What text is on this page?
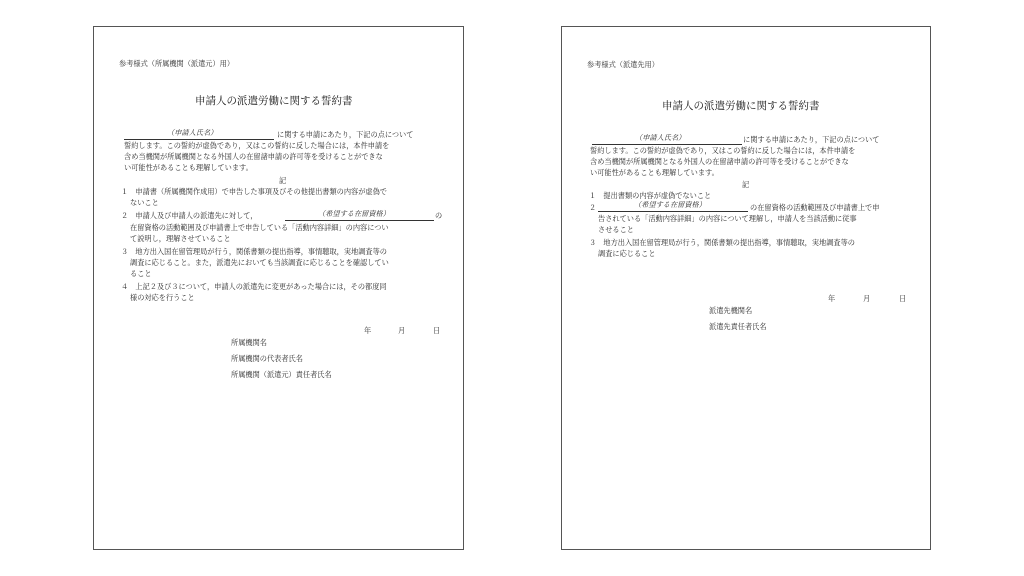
参考様式（所属機関（派遣元）用）
申請人の派遣労働に関する誓約書
（申請人氏名）	に関する申請にあたり，下記の点について
誓約します。この誓約が虚偽であり，又はこの誓約に反した場合には，本件申請を
含め当機関が所属機関となる外国人の在留諸申請の許可等を受けることができな
い可能性があることも理解しています。
記
１　申請書（所属機関作成用）で申告した事項及びその他提出書類の内容が虚偽で
ないこと
２　申請人及び申請人の派遣先に対して，	（希望する在留資格）	の
在留資格の活動範囲及び申請書上で申告している「活動内容詳細」の内容につい
て説明し，理解させていること
３　地方出入国在留管理局が行う，関係書類の提出指導，事情聴取，実地調査等の
調査に応じること。また，派遣先においても当該調査に応じることを確認してい
ること
４　上記２及び３について，申請人の派遣先に変更があった場合には，その都度同
様の対応を行うこと
年	月	日
所属機関名
所属機関の代表者氏名
所属機関（派遣元）責任者氏名
参考様式（派遣先用）
申請人の派遣労働に関する誓約書
（申請人氏名）	に関する申請にあたり，下記の点について
誓約します。この誓約が虚偽であり，又はこの誓約に反した場合には，本件申請を
含め当機関が所属機関となる外国人の在留諸申請の許可等を受けることができな
い可能性があることも理解しています。
記
１　提出書類の内容が虚偽でないこと
２	（希望する在留資格）	の在留資格の活動範囲及び申請書上で申
告されている「活動内容詳細」の内容について理解し，申請人を当該活動に従事
させること
３　地方出入国在留管理局が行う，関係書類の提出指導，事情聴取，実地調査等の
調査に応じること
年	月	日
派遣先機関名
派遣先責任者氏名
